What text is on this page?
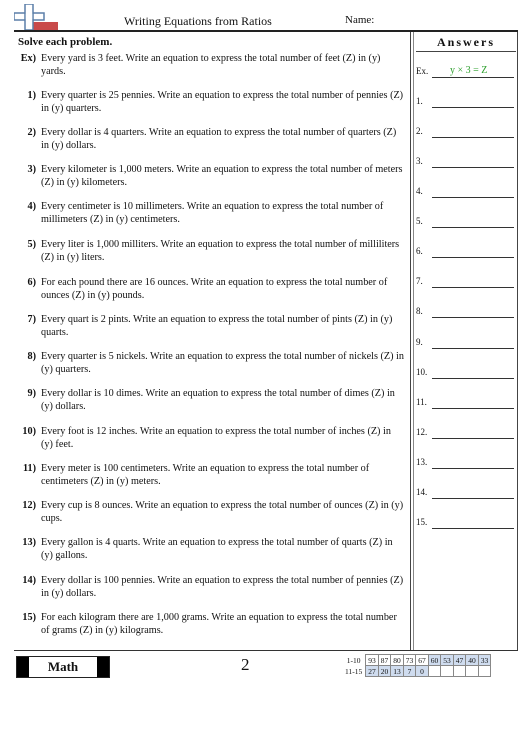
Writing Equations from Ratios	Name:
Solve each problem.	Answers
Ex) Every yard is 3 feet. Write an equation to express the total number of feet (Z) in (y) yards.
1) Every quarter is 25 pennies. Write an equation to express the total number of pennies (Z) in (y) quarters.
2) Every dollar is 4 quarters. Write an equation to express the total number of quarters (Z) in (y) dollars.
3) Every kilometer is 1,000 meters. Write an equation to express the total number of meters (Z) in (y) kilometers.
4) Every centimeter is 10 millimeters. Write an equation to express the total number of millimeters (Z) in (y) centimeters.
5) Every liter is 1,000 milliters. Write an equation to express the total number of milliliters (Z) in (y) liters.
6) For each pound there are 16 ounces. Write an equation to express the total number of ounces (Z) in (y) pounds.
7) Every quart is 2 pints. Write an equation to express the total number of pints (Z) in (y) quarts.
8) Every quarter is 5 nickels. Write an equation to express the total number of nickels (Z) in (y) quarters.
9) Every dollar is 10 dimes. Write an equation to express the total number of dimes (Z) in (y) dollars.
10) Every foot is 12 inches. Write an equation to express the total number of inches (Z) in (y) feet.
11) Every meter is 100 centimeters. Write an equation to express the total number of centimeters (Z) in (y) meters.
12) Every cup is 8 ounces. Write an equation to express the total number of ounces (Z) in (y) cups.
13) Every gallon is 4 quarts. Write an equation to express the total number of quarts (Z) in (y) gallons.
14) Every dollar is 100 pennies. Write an equation to express the total number of pennies (Z) in (y) dollars.
15) For each kilogram there are 1,000 grams. Write an equation to express the total number of grams (Z) in (y) kilograms.
Ex. y × 3 = Z
1.
2.
3.
4.
5.
6.
7.
8.
9.
10.
11.
12.
13.
14.
15.
Math	2	1-10	93	87	80	73	67	60	53	47	40	33
11-15	27	20	13	7	0					
